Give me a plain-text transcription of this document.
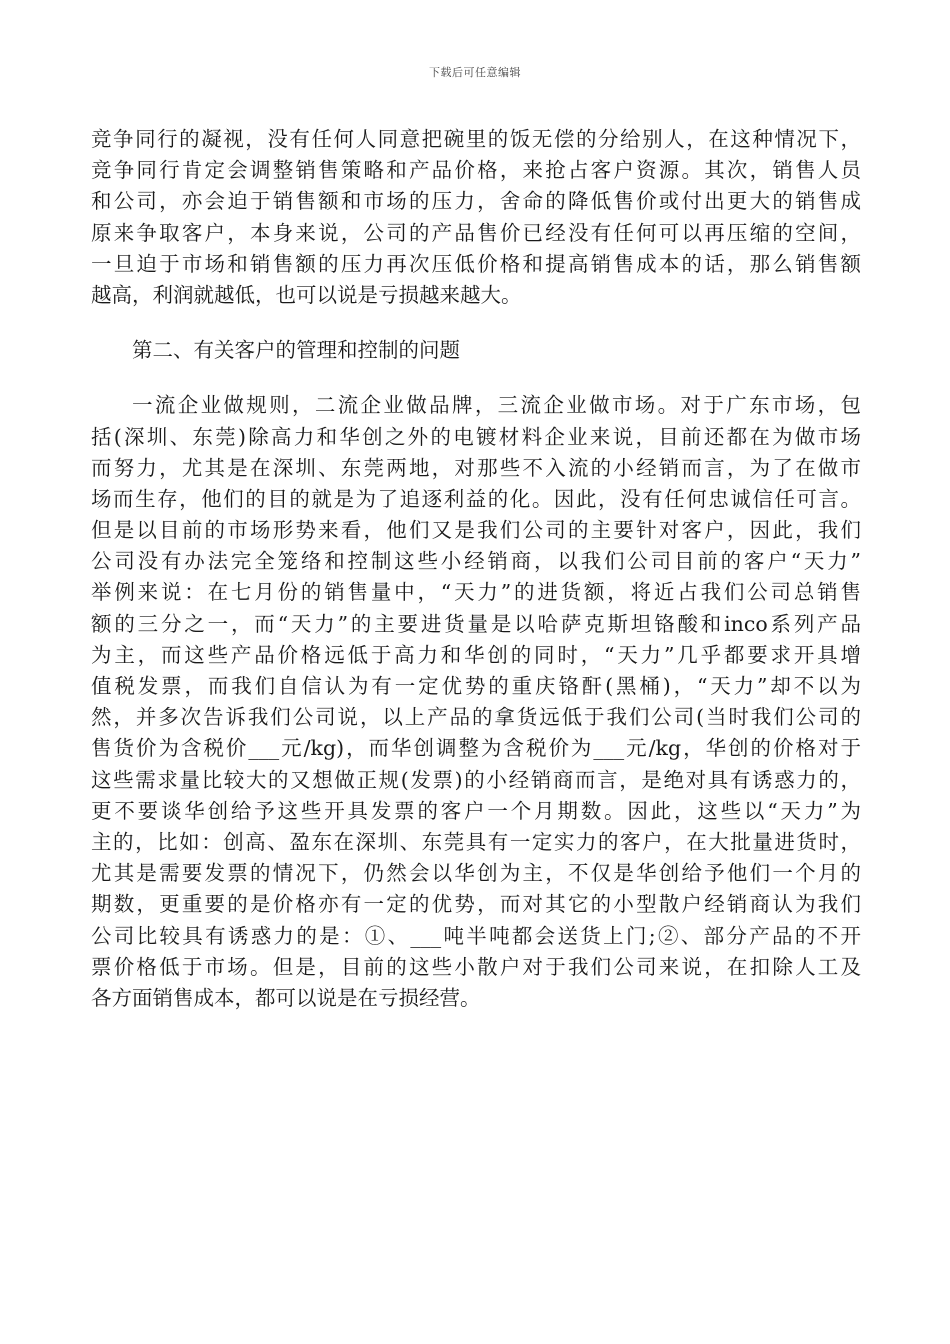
下载后可任意编辑
竞争同行的凝视，没有任何人同意把碗里的饭无偿的分给别人，在这种情况下，
竞争同行肯定会调整销售策略和产品价格，来抢占客户资源。其次，销售人员
和公司，亦会迫于销售额和市场的压力，舍命的降低售价或付出更大的销售成
原来争取客户，本身来说，公司的产品售价已经没有任何可以再压缩的空间，
一旦迫于市场和销售额的压力再次压低价格和提高销售成本的话，那么销售额
越高，利润就越低，也可以说是亏损越来越大。
第二、有关客户的管理和控制的问题
一流企业做规则，二流企业做品牌，三流企业做市场。对于广东市场，包
括(深圳、东莞)除高力和华创之外的电镀材料企业来说，目前还都在为做市场
而努力，尤其是在深圳、东莞两地，对那些不入流的小经销而言，为了在做市
场而生存，他们的目的就是为了追逐利益的化。因此，没有任何忠诚信任可言。
但是以目前的市场形势来看，他们又是我们公司的主要针对客户，因此，我们
公司没有办法完全笼络和控制这些小经销商，以我们公司目前的客户“天力”
举例来说：在七月份的销售量中，“天力”的进货额，将近占我们公司总销售
额的三分之一，而“天力”的主要进货量是以哈萨克斯坦铬酸和inco系列产品
为主，而这些产品价格远低于高力和华创的同时，“天力”几乎都要求开具增
值税发票，而我们自信认为有一定优势的重庆铬酐(黑桶)，“天力”却不以为
然，并多次告诉我们公司说，以上产品的拿货远低于我们公司(当时我们公司的
售货价为含税价___元/kg)，而华创调整为含税价为___元/kg，华创的价格对于
这些需求量比较大的又想做正规(发票)的小经销商而言，是绝对具有诱惑力的，
更不要谈华创给予这些开具发票的客户一个月期数。因此，这些以“天力”为
主的，比如：创高、盈东在深圳、东莞具有一定实力的客户，在大批量进货时，
尤其是需要发票的情况下，仍然会以华创为主，不仅是华创给予他们一个月的
期数，更重要的是价格亦有一定的优势，而对其它的小型散户经销商认为我们
公司比较具有诱惑力的是：①、___吨半吨都会送货上门;②、部分产品的不开
票价格低于市场。但是，目前的这些小散户对于我们公司来说，在扣除人工及
各方面销售成本，都可以说是在亏损经营。
